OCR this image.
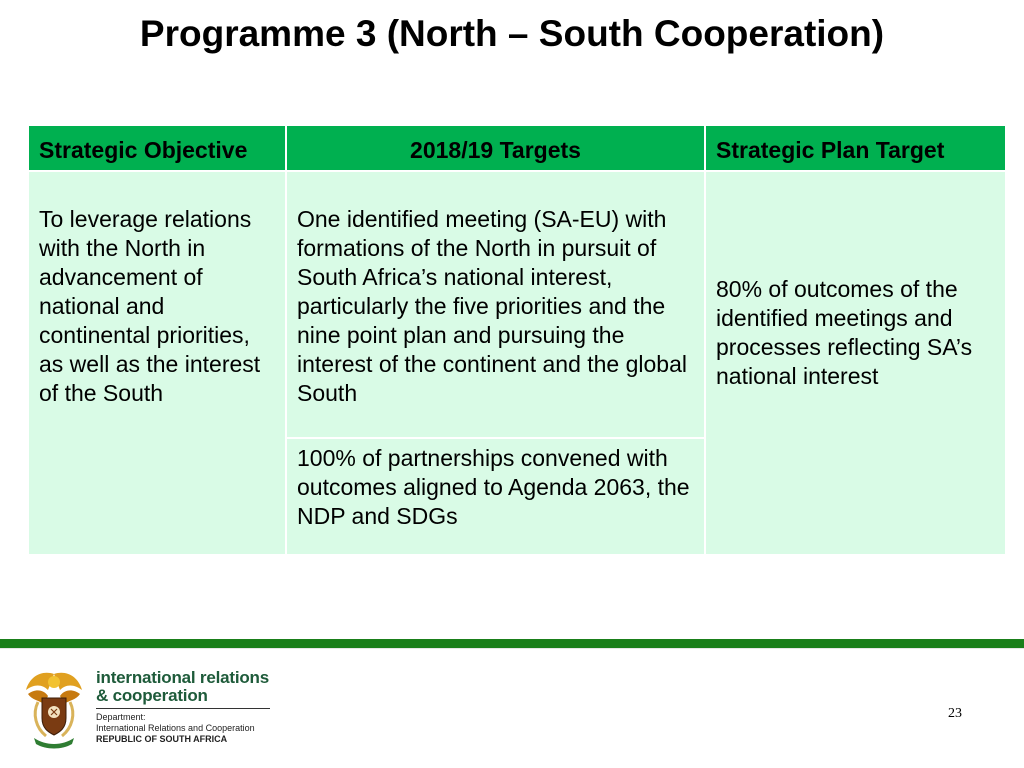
Programme 3 (North – South Cooperation)
Strategic Objective	2018/19 Targets	Strategic Plan Target
To leverage relations with the North in advancement of national and continental priorities, as well as the interest of the South	One identified meeting (SA-EU) with formations of the North in pursuit of South Africa’s national interest, particularly the five priorities and the nine point plan and pursuing the interest of the continent and the global South	80% of outcomes of the identified meetings and processes reflecting SA’s national interest
	100% of partnerships convened with outcomes aligned to Agenda 2063, the NDP and SDGs	
international relations
& cooperation
Department:
International Relations and Cooperation
REPUBLIC OF SOUTH AFRICA
23
